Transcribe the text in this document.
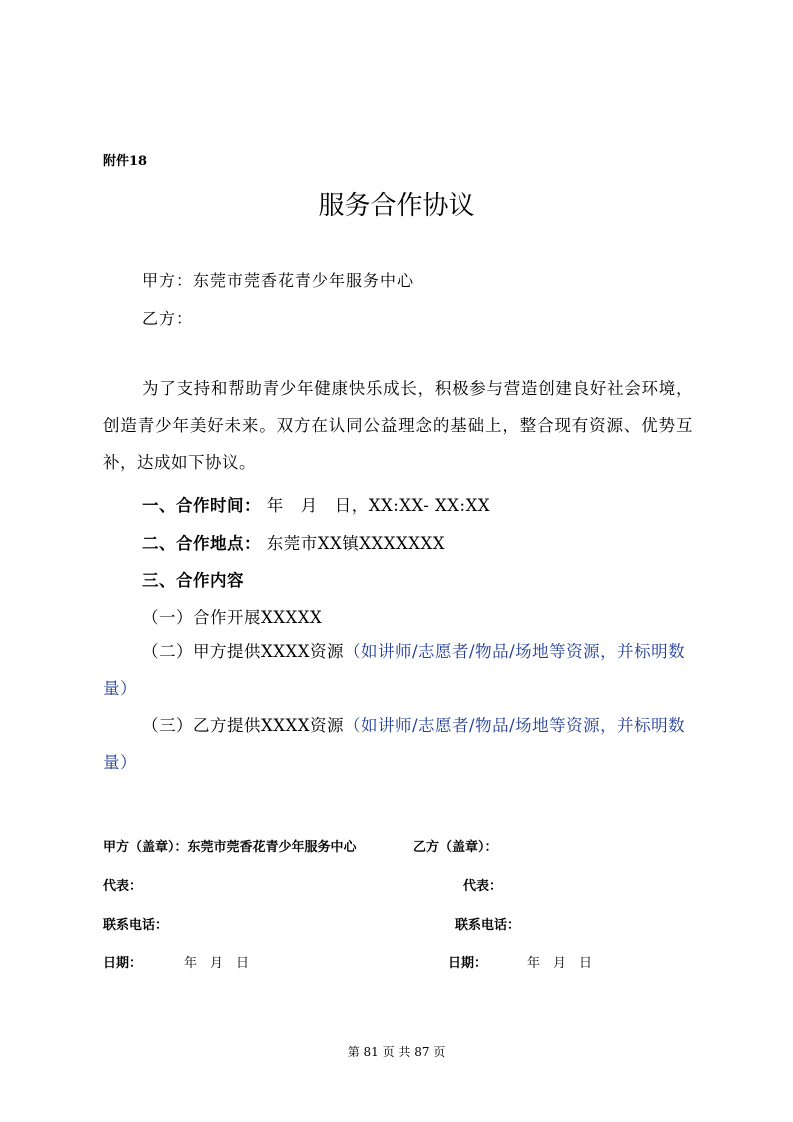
附件18
服务合作协议
甲方：东莞市莞香花青少年服务中心
乙方：
为了支持和帮助青少年健康快乐成长，积极参与营造创建良好社会环境，创造青少年美好未来。双方在认同公益理念的基础上，整合现有资源、优势互补，达成如下协议。
一、合作时间： 年　月　日，XX:XX- XX:XX
二、合作地点： 东莞市XX镇XXXXXXX
三、合作内容
（一）合作开展XXXXX
（二）甲方提供XXXX资源（如讲师/志愿者/物品/场地等资源，并标明数量）
（三）乙方提供XXXX资源（如讲师/志愿者/物品/场地等资源，并标明数量）
甲方（盖章）：东莞市莞香花青少年服务中心	乙方（盖章）：
代表：	代表：
联系电话：	联系电话：
日期：	年　月　日	日期：	年　月　日
第 81 页 共 87 页
